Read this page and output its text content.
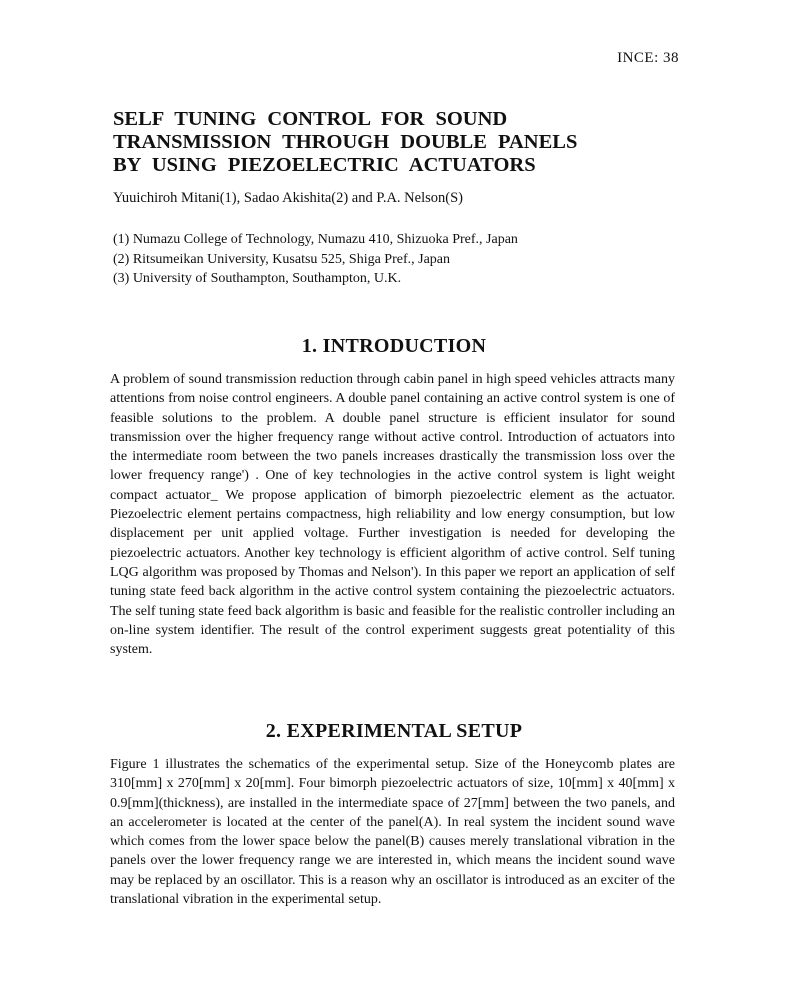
INCE: 38
SELF TUNING CONTROL FOR SOUND
TRANSMISSION THROUGH DOUBLE PANELS
BY USING PIEZOELECTRIC ACTUATORS

Yuuichiroh Mitani(1), Sadao Akishita(2) and P.A. Nelson(S)

(1) Numazu College of Technology, Numazu 410, Shizuoka Pref., Japan
(2) Ritsumeikan University, Kusatsu 525, Shiga Pref., Japan
(3) University of Southampton, Southampton, U.K.
1. INTRODUCTION

A problem of sound transmission reduction through cabin panel in high speed vehicles attracts many attentions from noise control engineers. A double panel containing an active control system is one of feasible solutions to the problem. A double panel structure is efficient insulator for sound transmission over the higher frequency range without active control. Introduction of actuators into the intermediate room between the two panels increases drastically the transmission loss over the lower frequency range') . One of key technologies in the active control system is light weight compact actuator_ We propose application of bimorph piezoelectric element as the actuator. Piezoelectric element pertains compactness, high reliability and low energy consumption, but low displacement per unit applied voltage. Further investigation is needed for developing the piezoelectric actuators. Another key technology is efficient algorithm of active control. Self tuning LQG algorithm was proposed by Thomas and Nelson'). In this paper we report an application of self tuning state feed back algorithm in the active control system containing the piezoelectric actuators. The self tuning state feed back algorithm is basic and feasible for the realistic controller including an on-line system identifier. The result of the control experiment suggests great potentiality of this system.

2. EXPERIMENTAL SETUP

Figure 1 illustrates the schematics of the experimental setup. Size of the Honeycomb plates are 310[mm] x 270[mm] x 20[mm]. Four bimorph piezoelectric actuators of size, 10[mm] x 40[mm] x 0.9[mm](thickness), are installed in the intermediate space of 27[mm] between the two panels, and an accelerometer is located at the center of the panel(A). In real system the incident sound wave which comes from the lower space below the panel(B) causes merely translational vibration in the panels over the lower frequency range we are interested in, which means the incident sound wave may be replaced by an oscillator. This is a reason why an oscillator is introduced as an exciter of the translational vibration in the experimental setup.
